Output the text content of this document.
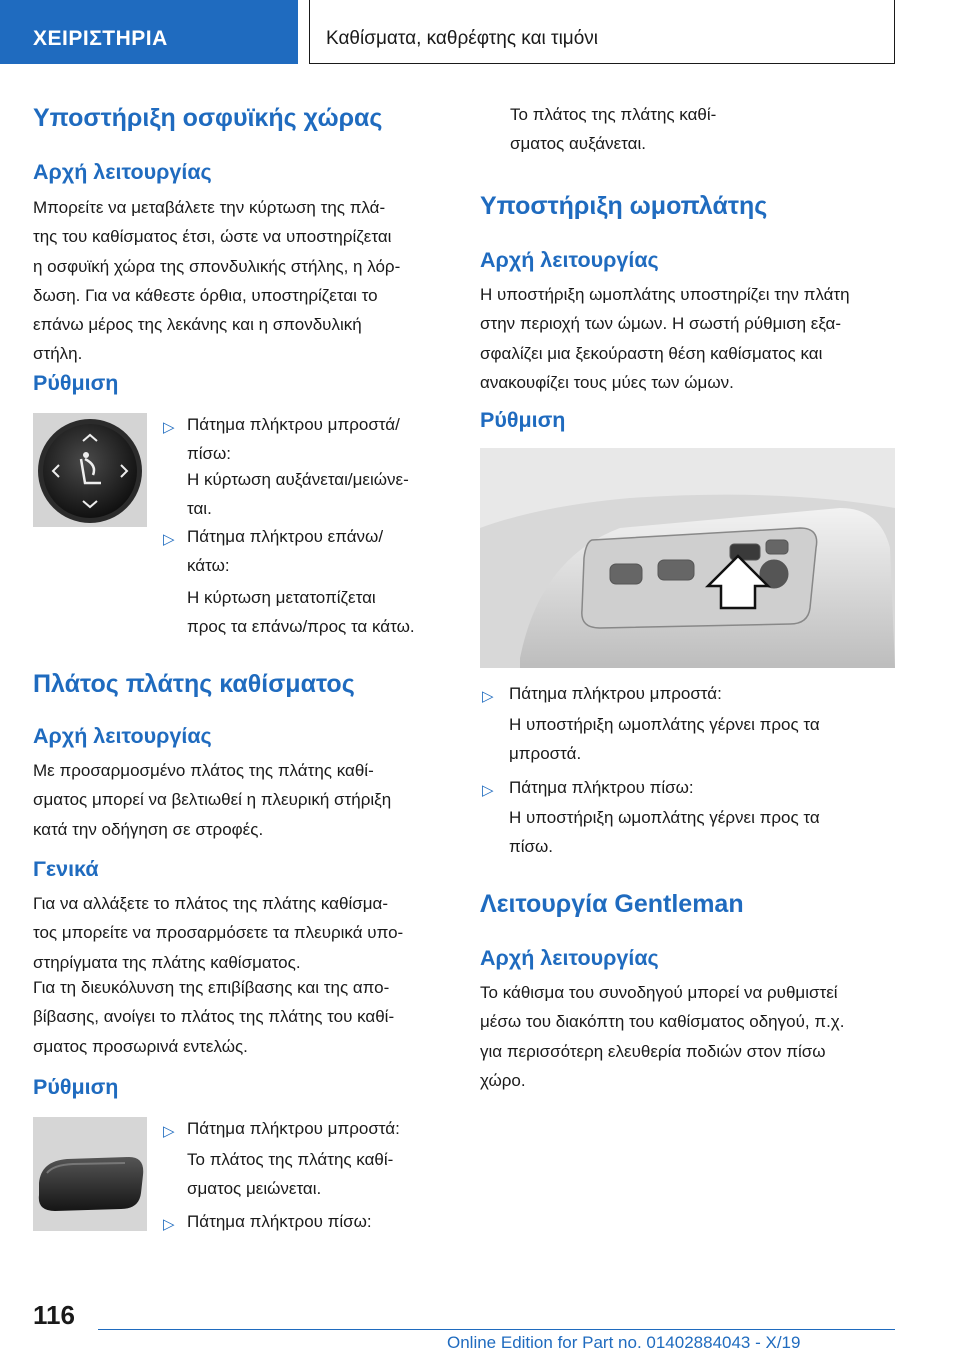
ΧΕΙΡΙΣΤΗΡΙΑ	Καθίσματα, καθρέφτης και τιμόνι
Υποστήριξη οσφυϊκής χώρας
Αρχή λειτουργίας
Μπορείτε να μεταβάλετε την κύρτωση της πλά‐
της του καθίσματος έτσι, ώστε να υποστηρίζεται
η οσφυϊκή χώρα της σπονδυλικής στήλης, η λόρ‐
δωση. Για να κάθεστε όρθια, υποστηρίζεται το
επάνω μέρος της λεκάνης και η σπονδυλική
στήλη.
Ρύθμιση
▷ Πάτημα πλήκτρου μπροστά/
πίσω:
Η κύρτωση αυξάνεται/μειώνε‐
ται.
▷ Πάτημα πλήκτρου επάνω/
κάτω:
Η κύρτωση μετατοπίζεται
προς τα επάνω/προς τα κάτω.
Πλάτος πλάτης καθίσματος
Αρχή λειτουργίας
Με προσαρμοσμένο πλάτος της πλάτης καθί‐
σματος μπορεί να βελτιωθεί η πλευρική στήριξη
κατά την οδήγηση σε στροφές.
Γενικά
Για να αλλάξετε το πλάτος της πλάτης καθίσμα‐
τος μπορείτε να προσαρμόσετε τα πλευρικά υπο‐
στηρίγματα της πλάτης καθίσματος.
Για τη διευκόλυνση της επιβίβασης και της απο‐
βίβασης, ανοίγει το πλάτος της πλάτης του καθί‐
σματος προσωρινά εντελώς.
Ρύθμιση
▷ Πάτημα πλήκτρου μπροστά:
Το πλάτος της πλάτης καθί‐
σματος μειώνεται.
▷ Πάτημα πλήκτρου πίσω:
Το πλάτος της πλάτης καθί‐
σματος αυξάνεται.
Υποστήριξη ωμοπλάτης
Αρχή λειτουργίας
Η υποστήριξη ωμοπλάτης υποστηρίζει την πλάτη
στην περιοχή των ώμων. Η σωστή ρύθμιση εξα‐
σφαλίζει μια ξεκούραστη θέση καθίσματος και
ανακουφίζει τους μύες των ώμων.
Ρύθμιση
▷ Πάτημα πλήκτρου μπροστά:
Η υποστήριξη ωμοπλάτης γέρνει προς τα
μπροστά.
▷ Πάτημα πλήκτρου πίσω:
Η υποστήριξη ωμοπλάτης γέρνει προς τα
πίσω.
Λειτουργία Gentleman
Αρχή λειτουργίας
Το κάθισμα του συνοδηγού μπορεί να ρυθμιστεί
μέσω του διακόπτη του καθίσματος οδηγού, π.χ.
για περισσότερη ελευθερία ποδιών στον πίσω
χώρο.
116
Online Edition for Part no. 01402884043 - X/19
